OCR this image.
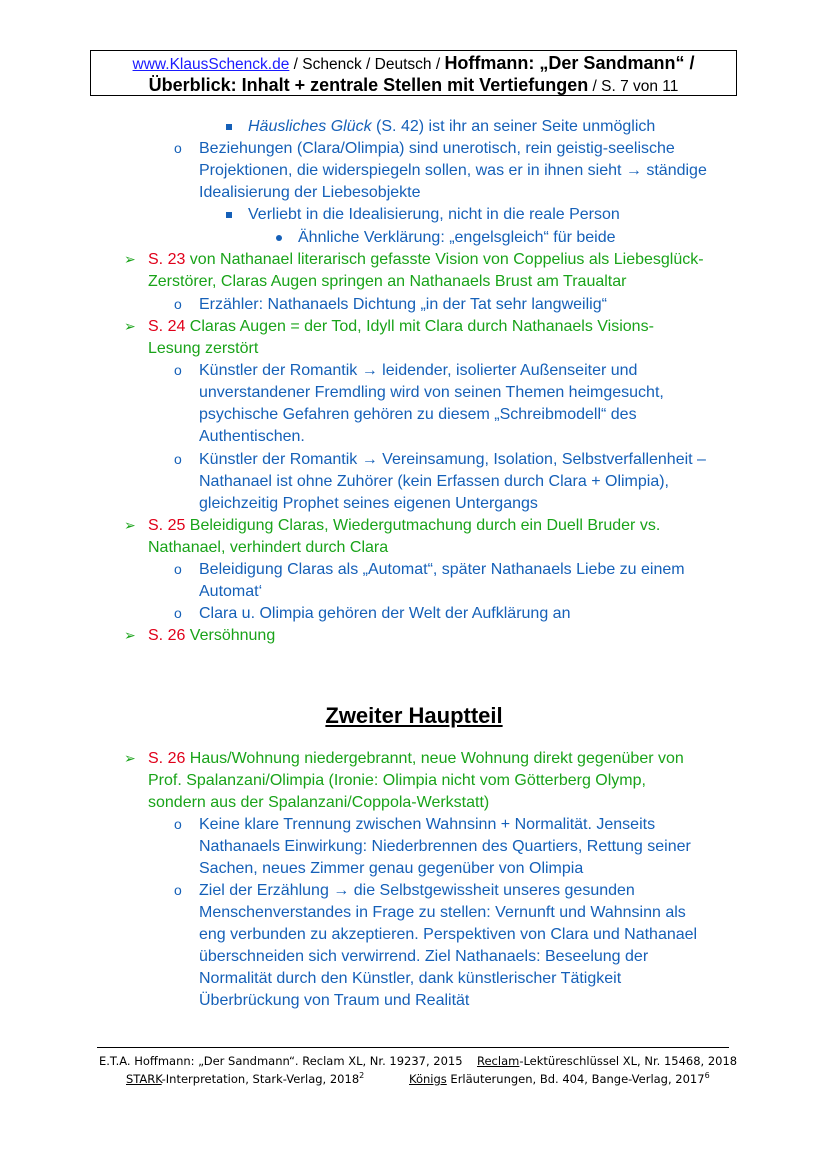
www.KlausSchenck.de / Schenck / Deutsch / Hoffmann: „Der Sandmann“ /
Überblick: Inhalt + zentrale Stellen mit Vertiefungen / S. 7 von 11
Häusliches Glück (S. 42) ist ihr an seiner Seite unmöglich
o Beziehungen (Clara/Olimpia) sind unerotisch, rein geistig-seelische
Projektionen, die widerspiegeln sollen, was er in ihnen sieht → ständige
Idealisierung der Liebesobjekte
Verliebt in die Idealisierung, nicht in die reale Person
Ähnliche Verklärung: „engelsgleich“ für beide
➢ S. 23 von Nathanael literarisch gefasste Vision von Coppelius als Liebesglück-
Zerstörer, Claras Augen springen an Nathanaels Brust am Traualtar
o Erzähler: Nathanaels Dichtung „in der Tat sehr langweilig“
➢ S. 24 Claras Augen = der Tod, Idyll mit Clara durch Nathanaels Visions-
Lesung zerstört
o Künstler der Romantik → leidender, isolierter Außenseiter und
unverstandener Fremdling wird von seinen Themen heimgesucht,
psychische Gefahren gehören zu diesem „Schreibmodell“ des
Authentischen.
o Künstler der Romantik → Vereinsamung, Isolation, Selbstverfallenheit –
Nathanael ist ohne Zuhörer (kein Erfassen durch Clara + Olimpia),
gleichzeitig Prophet seines eigenen Untergangs
➢ S. 25 Beleidigung Claras, Wiedergutmachung durch ein Duell Bruder vs.
Nathanael, verhindert durch Clara
o Beleidigung Claras als „Automat“, später Nathanaels Liebe zu einem
Automat‘
o Clara u. Olimpia gehören der Welt der Aufklärung an
➢ S. 26 Versöhnung
Zweiter Hauptteil
➢ S. 26 Haus/Wohnung niedergebrannt, neue Wohnung direkt gegenüber von
Prof. Spalanzani/Olimpia (Ironie: Olimpia nicht vom Götterberg Olymp,
sondern aus der Spalanzani/Coppola-Werkstatt)
o Keine klare Trennung zwischen Wahnsinn + Normalität. Jenseits
Nathanaels Einwirkung: Niederbrennen des Quartiers, Rettung seiner
Sachen, neues Zimmer genau gegenüber von Olimpia
o Ziel der Erzählung → die Selbstgewissheit unseres gesunden
Menschenverstandes in Frage zu stellen: Vernunft und Wahnsinn als
eng verbunden zu akzeptieren. Perspektiven von Clara und Nathanael
überschneiden sich verwirrend. Ziel Nathanaels: Beseelung der
Normalität durch den Künstler, dank künstlerischer Tätigkeit
Überbrückung von Traum und Realität
E.T.A. Hoffmann: „Der Sandmann“. Reclam XL, Nr. 19237, 2015 Reclam-Lektüreschlüssel XL, Nr. 15468, 2018
STARK-Interpretation, Stark-Verlag, 2018$^2$	Königs Erläuterungen, Bd. 404, Bange-Verlag, 2017$^6$
